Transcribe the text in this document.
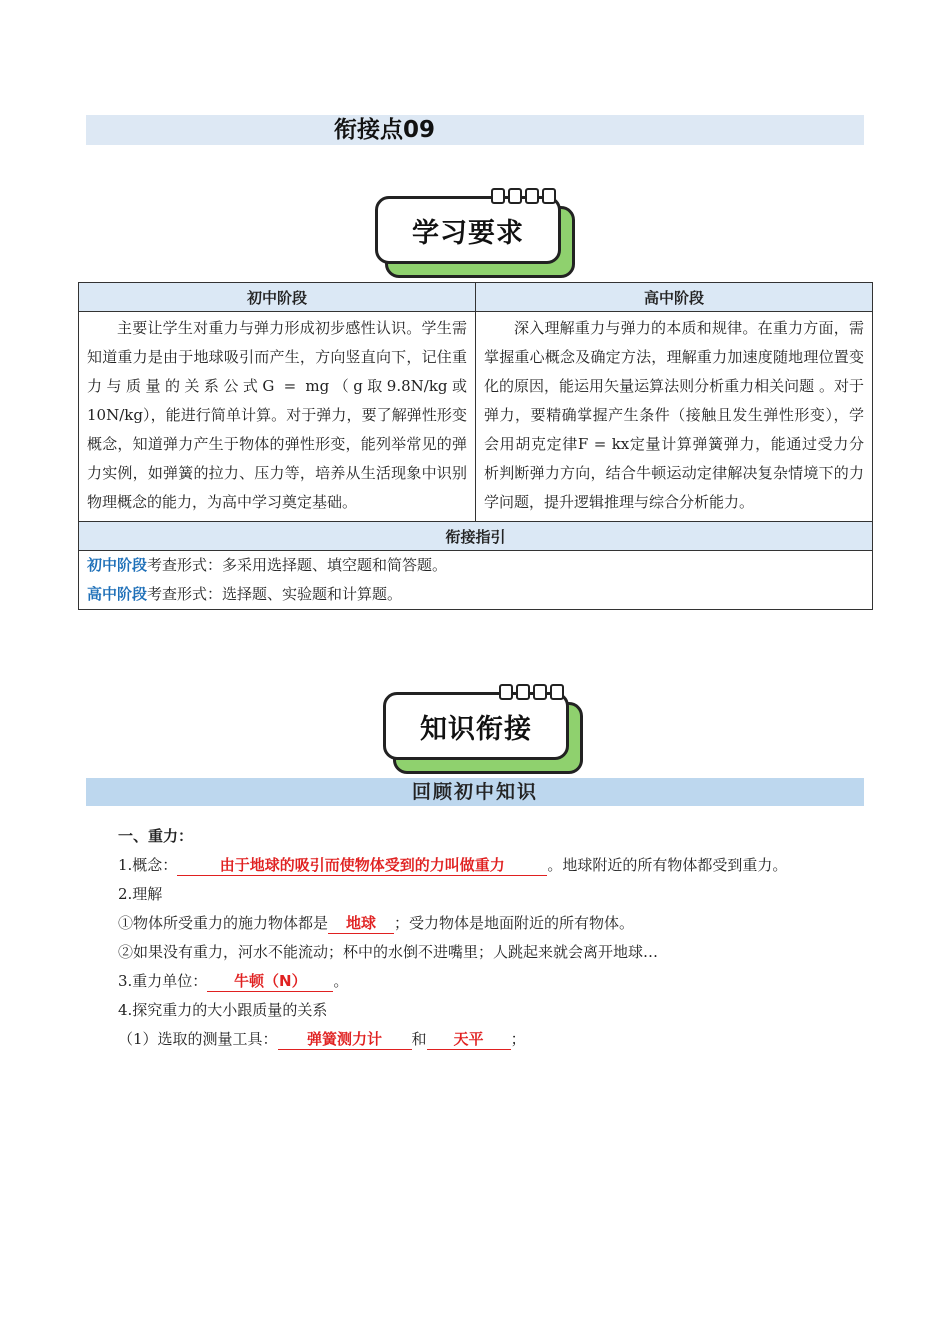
衔接点09
学习要求
初中阶段	高中阶段

主要让学生对重力与弹力形成初步感性认识。学生需知道重力是由于地球吸引而产生，方向竖直向下，记住重力与质量的关系公式G = mg（g取9.8N/kg或10N/kg），能进行简单计算。对于弹力，要了解弹性形变概念，知道弹力产生于物体的弹性形变，能列举常见的弹力实例，如弹簧的拉力、压力等，培养从生活现象中识别物理概念的能力，为高中学习奠定基础。	深入理解重力与弹力的本质和规律。在重力方面，需掌握重心概念及确定方法，理解重力加速度随地理位置变化的原因，能运用矢量运算法则分析重力相关问题 。对于弹力，要精确掌握产生条件（接触且发生弹性形变），学会用胡克定律F = kx定量计算弹簧弹力，能通过受力分析判断弹力方向，结合牛顿运动定律解决复杂情境下的力学问题，提升逻辑推理与综合分析能力。

衔接指引	

初中阶段考查形式：多采用选择题、填空题和简答题。
高中阶段考查形式：选择题、实验题和计算题。	
知识衔接
回顾初中知识
一、重力：
1.概念：	由于地球的吸引而使物体受到的力叫做重力	。地球附近的所有物体都受到重力。
2.理解
①物体所受重力的施力物体都是 地球 ；受力物体是地面附近的所有物体。
②如果没有重力，河水不能流动；杯中的水倒不进嘴里；人跳起来就会离开地球…
3.重力单位： 牛顿（N） 。
4.探究重力的大小跟质量的关系
（1）选取的测量工具： 弹簧测力计 和 天平 ；
